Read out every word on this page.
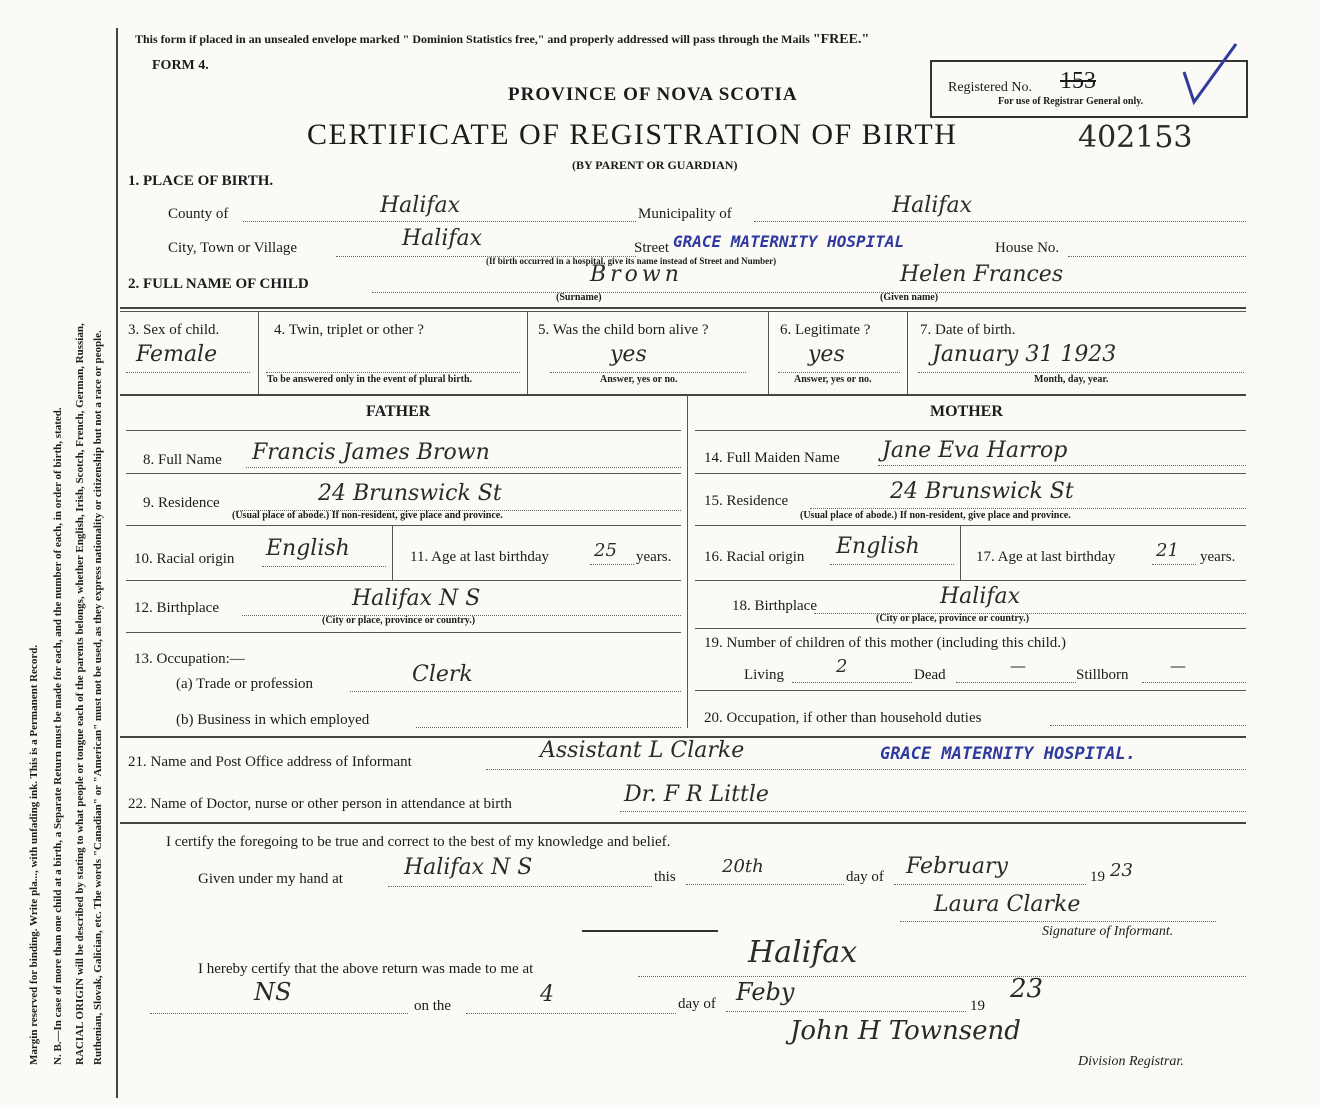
Margin reserved for binding. Write pla..., with unfading ink. This is a Permanent Record. N. B.—In case of more than one child at a birth, a Separate Return must be made for each, and the number of each, in order of birth, stated. RACIAL ORIGIN will be described by stating to what people or tongue each of the parents belongs, whether English, Irish, Scotch, French, German, Russian, Ruthenian, Slovak, Galician, etc. The words "Canadian" or "American" must not be used, as they express nationality or citizenship but not a race or people.
This form if placed in an unsealed envelope marked " Dominion Statistics free," and properly addressed will pass through the Mails "FREE."
FORM 4.
PROVINCE OF NOVA SCOTIA
CERTIFICATE OF REGISTRATION OF BIRTH	402153
(BY PARENT OR GUARDIAN)
Registered No. 153
For use of Registrar General only.
1. PLACE OF BIRTH.
County of	Halifax	Municipality of	Halifax
City, Town or Village	Halifax	Street GRACE MATERNITY HOSPITAL	House No.
(If birth occurred in a hospital, give its name instead of Street and Number)
2. FULL NAME OF CHILD	Brown	Helen Frances
(Surname)	(Given name)
3. Sex of child.
Female
4. Twin, triplet or other ?
To be answered only in the event of plural birth.
5. Was the child born alive ?
yes
Answer, yes or no.
6. Legitimate ?
yes
Answer, yes or no.
7. Date of birth.
January 31 1923
Month, day, year.
FATHER	MOTHER
8. Full Name Francis James Brown
9. Residence	24 Brunswick St
(Usual place of abode.) If non-resident, give place and province.
10. Racial origin English	11. Age at last birthday	25 years.
12. Birthplace	Halifax N S
(City or place, province or country.)
13. Occupation:—
(a) Trade or profession	Clerk
(b) Business in which employed
14. Full Maiden Name Jane Eva Harrop
15. Residence	24 Brunswick St
(Usual place of abode.) If non-resident, give place and province.
16. Racial origin English	17. Age at last birthday 21 years.
18. Birthplace	Halifax
(City or place, province or country.)
19. Number of children of this mother (including this child.)
Living	2	Dead	—	Stillborn	—
20. Occupation, if other than household duties
21. Name and Post Office address of Informant	Assistant L Clarke	GRACE MATERNITY HOSPITAL.
22. Name of Doctor, nurse or other person in attendance at birth	Dr. F R Little
I certify the foregoing to be true and correct to the best of my knowledge and belief.
Given under my hand at	Halifax N S	this	20th	day of February	19 23
Laura Clarke
Signature of Informant.
I hereby certify that the above return was made to me at	Halifax
NS	on the	4	day of Feby	19
23
John H Townsend
Division Registrar.
